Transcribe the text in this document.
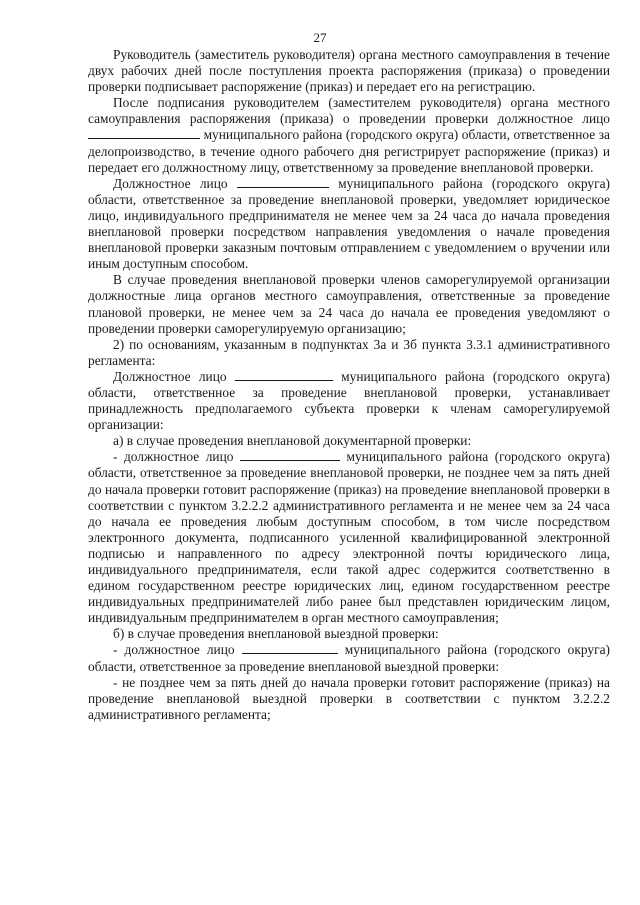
27

Руководитель (заместитель руководителя) органа местного самоуправления в течение двух рабочих дней после поступления проекта распоряжения (приказа) о проведении проверки подписывает распоряжение (приказ) и передает его на регистрацию.

После подписания руководителем (заместителем руководителя) органа местного самоуправления распоряжения (приказа) о проведении проверки должностное лицо  муниципального района (городского округа) области, ответственное за делопроизводство, в течение одного рабочего дня регистрирует распоряжение (приказ) и передает его должностному лицу, ответственному за проведение внеплановой проверки.

Должностное лицо	муниципального района (городского округа) области, ответственное за проведение внеплановой проверки, уведомляет юридическое лицо, индивидуального предпринимателя не менее чем за 24 часа до начала проведения внеплановой проверки посредством направления уведомления о начале проведения внеплановой проверки заказным почтовым отправлением с уведомлением о вручении или иным доступным способом.

В случае проведения внеплановой проверки членов саморегулируемой организации должностные лица органов местного самоуправления, ответственные за проведение плановой проверки, не менее чем за 24 часа до начала ее проведения уведомляют о проведении проверки саморегулируемую организацию;

2) по основаниям, указанным в подпунктах 3а и 3б пункта 3.3.1 административного регламента:

Должностное лицо	муниципального района (городского округа) области, ответственное за проведение внеплановой проверки, устанавливает принадлежность предполагаемого субъекта проверки к членам саморегулируемой организации:

а) в случае проведения внеплановой документарной проверки:

- должностное лицо	муниципального района (городского округа) области, ответственное за проведение внеплановой проверки, не позднее чем за пять дней до начала проверки готовит распоряжение (приказ) на проведение внеплановой проверки в соответствии с пунктом 3.2.2.2 административного регламента и не менее чем за 24 часа до начала ее проведения любым доступным способом, в том числе посредством электронного документа, подписанного усиленной квалифицированной электронной подписью и направленного по адресу электронной почты юридического лица, индивидуального предпринимателя, если такой адрес содержится соответственно в едином государственном реестре юридических лиц, едином государственном реестре индивидуальных предпринимателей либо ранее был представлен юридическим лицом, индивидуальным предпринимателем в орган местного самоуправления;

б) в случае проведения внеплановой выездной проверки:

- должностное лицо	муниципального района (городского округа) области, ответственное за проведение внеплановой выездной проверки:

- не позднее чем за пять дней до начала проверки готовит распоряжение (приказ) на проведение внеплановой выездной проверки в соответствии с пунктом 3.2.2.2 административного регламента;
